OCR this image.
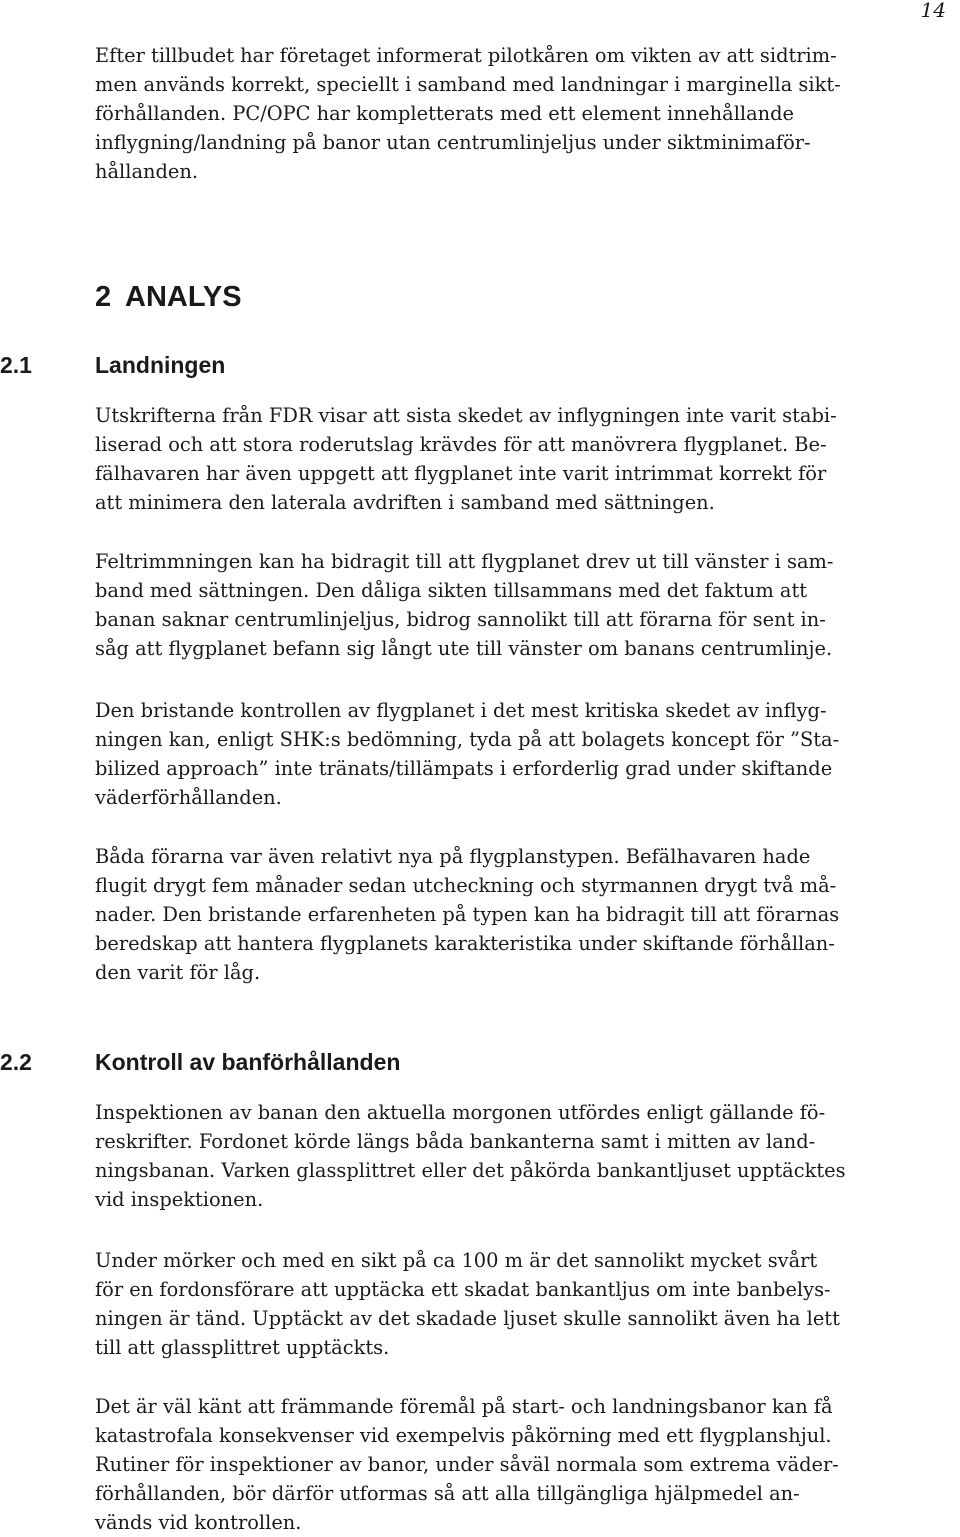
14
Efter tillbudet har företaget informerat pilotkåren om vikten av att sidtrim-
men används korrekt, speciellt i samband med landningar i marginella sikt-
förhållanden. PC/OPC har kompletterats med ett element innehållande
inflygning/landning på banor utan centrumlinjeljus under siktminimaför-
hållanden.
2 ANALYS
2.1	Landningen
Utskrifterna från FDR visar att sista skedet av inflygningen inte varit stabi-
liserad och att stora roderutslag krävdes för att manövrera flygplanet. Be-
fälhavaren har även uppgett att flygplanet inte varit intrimmat korrekt för
att minimera den laterala avdriften i samband med sättningen.
Feltrimmningen kan ha bidragit till att flygplanet drev ut till vänster i sam-
band med sättningen. Den dåliga sikten tillsammans med det faktum att
banan saknar centrumlinjeljus, bidrog sannolikt till att förarna för sent in-
såg att flygplanet befann sig långt ute till vänster om banans centrumlinje.
Den bristande kontrollen av flygplanet i det mest kritiska skedet av inflyg-
ningen kan, enligt SHK:s bedömning, tyda på att bolagets koncept för ”Sta-
bilized approach” inte tränats/tillämpats i erforderlig grad under skiftande
väderförhållanden.
Båda förarna var även relativt nya på flygplanstypen. Befälhavaren hade
flugit drygt fem månader sedan utcheckning och styrmannen drygt två må-
nader. Den bristande erfarenheten på typen kan ha bidragit till att förarnas
beredskap att hantera flygplanets karakteristika under skiftande förhållan-
den varit för låg.
2.2	Kontroll av banförhållanden
Inspektionen av banan den aktuella morgonen utfördes enligt gällande fö-
reskrifter. Fordonet körde längs båda bankanterna samt i mitten av land-
ningsbanan. Varken glassplittret eller det påkörda bankantljuset upptäcktes
vid inspektionen.
Under mörker och med en sikt på ca 100 m är det sannolikt mycket svårt
för en fordonsförare att upptäcka ett skadat bankantljus om inte banbelys-
ningen är tänd. Upptäckt av det skadade ljuset skulle sannolikt även ha lett
till att glassplittret upptäckts.
Det är väl känt att främmande föremål på start- och landningsbanor kan få
katastrofala konsekvenser vid exempelvis påkörning med ett flygplanshjul.
Rutiner för inspektioner av banor, under såväl normala som extrema väder-
förhållanden, bör därför utformas så att alla tillgängliga hjälpmedel an-
vänds vid kontrollen.
